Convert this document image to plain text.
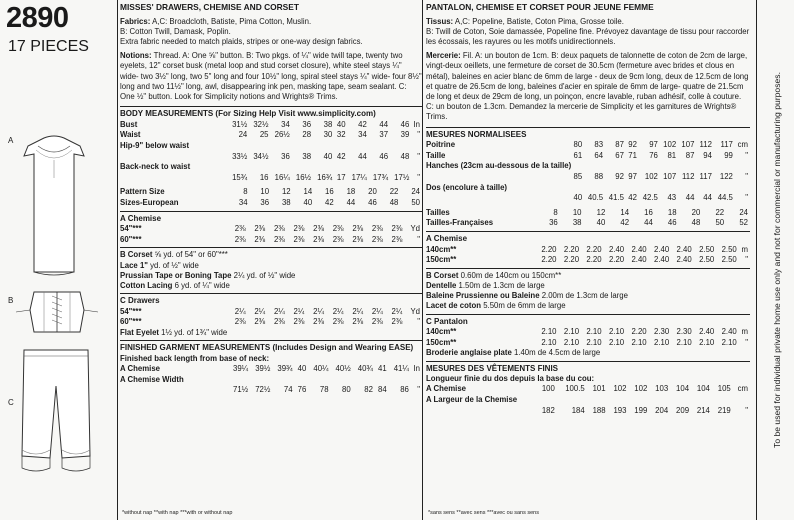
2890
17 PIECES
A
B
C
MISSES' DRAWERS, CHEMISE AND CORSET
Fabrics: A,C: Broadcloth, Batiste, Pima Cotton, Muslin.
B: Cotton Twill, Damask, Poplin.
Extra fabric needed to match plaids, stripes or one-way design fabrics.
Notions: Thread. A: One ⅝" button. B: Two pkgs. of ¼" wide twill tape, twenty two eyelets, 12" corset busk (metal loop and stud corset closure), white steel stays ¼" wide- two 3½" long, two 5" long and four 10½" long, spiral steel stays ¼" wide- four 8½" long and two 11½" long, awl, disappearing ink pen, masking tape, seam sealant. C: One ½" button. Look for Simplicity notions and Wrights® Trims.
BODY MEASUREMENTS (For Sizing Help Visit www.simplicity.com)
Bust	31½	32½	34	36	38	40	42	44	46	In
Waist	24	25	26½	28	30	32	34	37	39	"
Hip-9" below waist										
	33½	34½	36	38	40	42	44	46	48	"
Back-neck to waist										
	15¾	16	16¼	16½	16¾	17	17¼	17¾	17½	"
Pattern Size	8	10	12	14	16	18	20	22	24
Sizes-European	34	36	38	40	42	44	46	48	50
A Chemise
54"***	2⅜	2⅜	2⅜	2⅜	2⅜	2⅜	2⅜	2⅜	2⅜	Yd
60"***	2⅜	2⅜	2⅜	2⅜	2⅜	2⅜	2⅜	2⅜	2⅜	"
B Corset ⅝ yd. of 54" or 60"***
Lace 1" yd. of ½" wide
Prussian Tape or Boning Tape 2¼ yd. of ½" wide
Cotton Lacing 6 yd. of ¼" wide
C Drawers
54"***	2¼	2¼	2¼	2¼	2¼	2¼	2¼	2¼	2¼	Yd
60"***	2⅜	2⅜	2⅜	2⅜	2⅜	2⅜	2⅜	2⅜	2⅜	"
Flat Eyelet 1½ yd. of 1¾" wide
FINISHED GARMENT MEASUREMENTS (Includes Design and Wearing EASE)
Finished back length from base of neck:
A Chemise	39¼	39½	39¾	40	40¼	40½	40¾	41	41¼	In
A Chemise Width										
	71½	72½	74	76	78	80	82	84	86	"
*without nap **with nap ***with or without nap
PANTALON, CHEMISE ET CORSET POUR JEUNE FEMME
Tissus: A,C: Popeline, Batiste, Coton Pima, Grosse toile.
B: Twill de Coton, Soie damassée, Popeline fine. Prévoyez davantage de tissu pour raccorder les écossais, les rayures ou les motifs unidirectionnels.
Mercerie: Fil. A: un bouton de 1cm. B: deux paquets de talonnette de coton de 2cm de large, vingt-deux oeillets, une fermeture de corset de 30.5cm (fermeture avec brides et clous en métal), baleines en acier blanc de 6mm de large - deux de 9cm long, deux de 12.5cm de long et quatre de 26.5cm de long, baleines d'acier en spirale de 6mm de large- quatre de 21.5cm de long et deux de 29cm de long, un poinçon, encre lavable, ruban adhésif, colle à couture. C: un bouton de 1.3cm. Demandez la mercerie de Simplicity et les garnitures de Wrights® Trims.
MESURES NORMALISEES
Poitrine	80	83	87	92	97	102	107	112	117	cm
Taille	61	64	67	71	76	81	87	94	99	"
Hanches (23cm au-dessous de la taille)										
	85	88	92	97	102	107	112	117	122	"
Dos (encolure à taille)										
	40	40.5	41.5	42	42.5	43	44	44	44.5	"
Tailles	8	10	12	14	16	18	20	22	24
Tailles-Françaises	36	38	40	42	44	46	48	50	52
A Chemise
140cm**	2.20	2.20	2.20	2.40	2.40	2.40	2.40	2.50	2.50	m
150cm**	2.20	2.20	2.20	2.20	2.40	2.40	2.40	2.50	2.50	"
B Corset 0.60m de 140cm ou 150cm**
Dentelle 1.50m de 1.3cm de large
Baleine Prussienne ou Baleine 2.00m de 1.3cm de large
Lacet de coton 5.50m de 6mm de large
C Pantalon
140cm**	2.10	2.10	2.10	2.10	2.20	2.30	2.30	2.40	2.40	m
150cm**	2.10	2.10	2.10	2.10	2.10	2.10	2.10	2.10	2.10	"
Broderie anglaise plate 1.40m de 4.5cm de large
MESURES DES VÊTEMENTS FINIS
Longueur finie du dos depuis la base du cou:
A Chemise	100	100.5	101	102	102	103	104	104	105	cm
A Largeur de la Chemise										
	182	184	188	193	199	204	209	214	219	"
*sans sens **avec sens ***avec ou sans sens
To be used for individual private home use only and not for commercial or manufacturing purposes.
